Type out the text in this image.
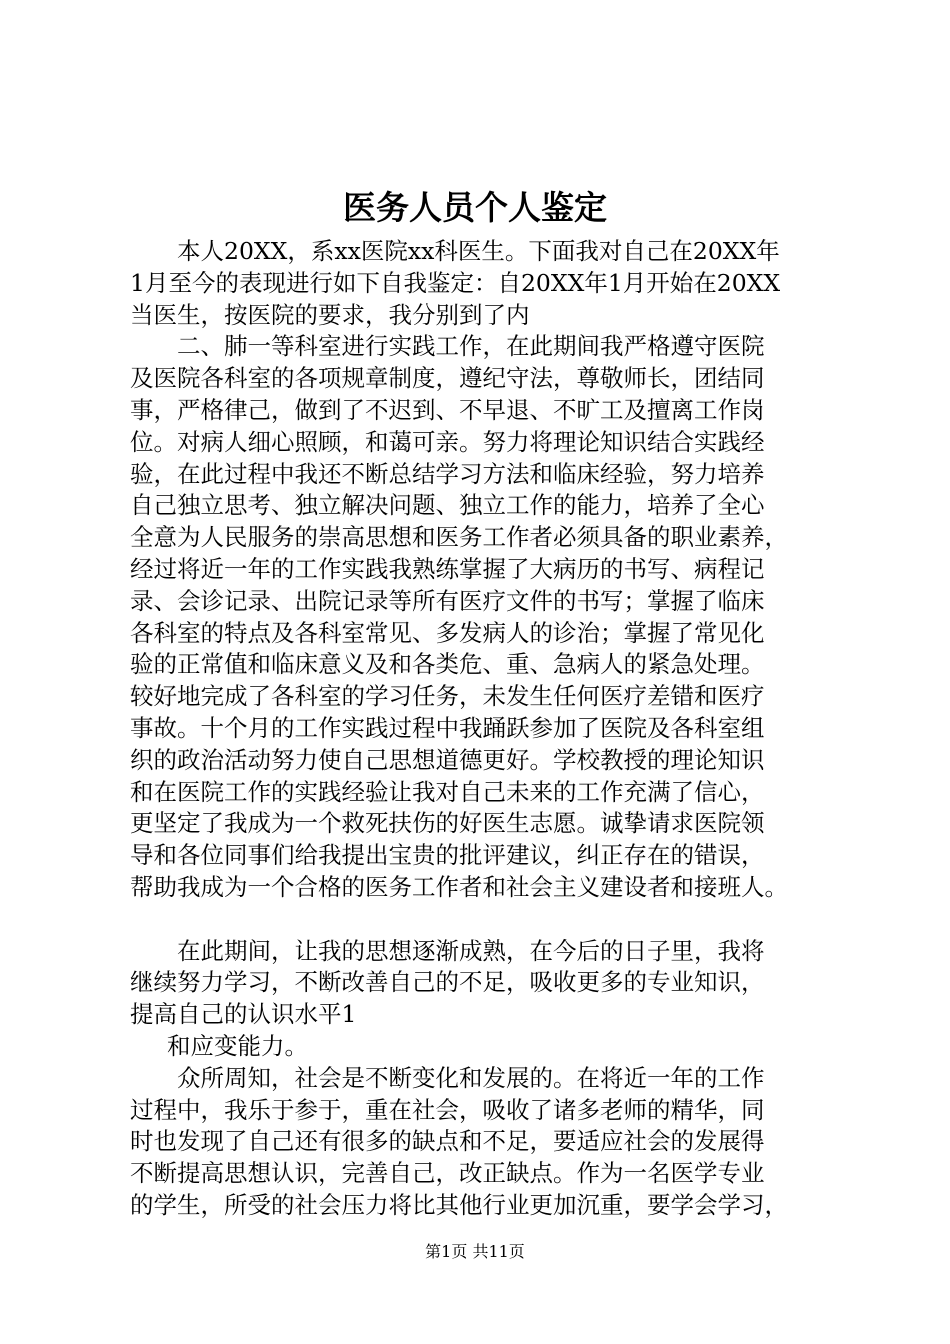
医务人员个人鉴定
本人20XX，系xx医院xx科医生。下面我对自己在20XX年
1月至今的表现进行如下自我鉴定：自20XX年1月开始在20XX
当医生，按医院的要求，我分别到了内
二、肺一等科室进行实践工作，在此期间我严格遵守医院
及医院各科室的各项规章制度，遵纪守法，尊敬师长，团结同
事，严格律己，做到了不迟到、不早退、不旷工及擅离工作岗
位。对病人细心照顾，和蔼可亲。努力将理论知识结合实践经
验，在此过程中我还不断总结学习方法和临床经验，努力培养
自己独立思考、独立解决问题、独立工作的能力，培养了全心
全意为人民服务的崇高思想和医务工作者必须具备的职业素养，
经过将近一年的工作实践我熟练掌握了大病历的书写、病程记
录、会诊记录、出院记录等所有医疗文件的书写；掌握了临床
各科室的特点及各科室常见、多发病人的诊治；掌握了常见化
验的正常值和临床意义及和各类危、重、急病人的紧急处理。
较好地完成了各科室的学习任务，未发生任何医疗差错和医疗
事故。十个月的工作实践过程中我踊跃参加了医院及各科室组
织的政治活动努力使自己思想道德更好。学校教授的理论知识
和在医院工作的实践经验让我对自己未来的工作充满了信心，
更坚定了我成为一个救死扶伤的好医生志愿。诚挚请求医院领
导和各位同事们给我提出宝贵的批评建议，纠正存在的错误，
帮助我成为一个合格的医务工作者和社会主义建设者和接班人。
在此期间，让我的思想逐渐成熟，在今后的日子里，我将
继续努力学习，不断改善自己的不足，吸收更多的专业知识，
提高自己的认识水平1
和应变能力。
众所周知，社会是不断变化和发展的。在将近一年的工作
过程中，我乐于参于，重在社会，吸收了诸多老师的精华，同
时也发现了自己还有很多的缺点和不足，要适应社会的发展得
不断提高思想认识，完善自己，改正缺点。作为一名医学专业
的学生，所受的社会压力将比其他行业更加沉重，要学会学习，
第1页 共11页
